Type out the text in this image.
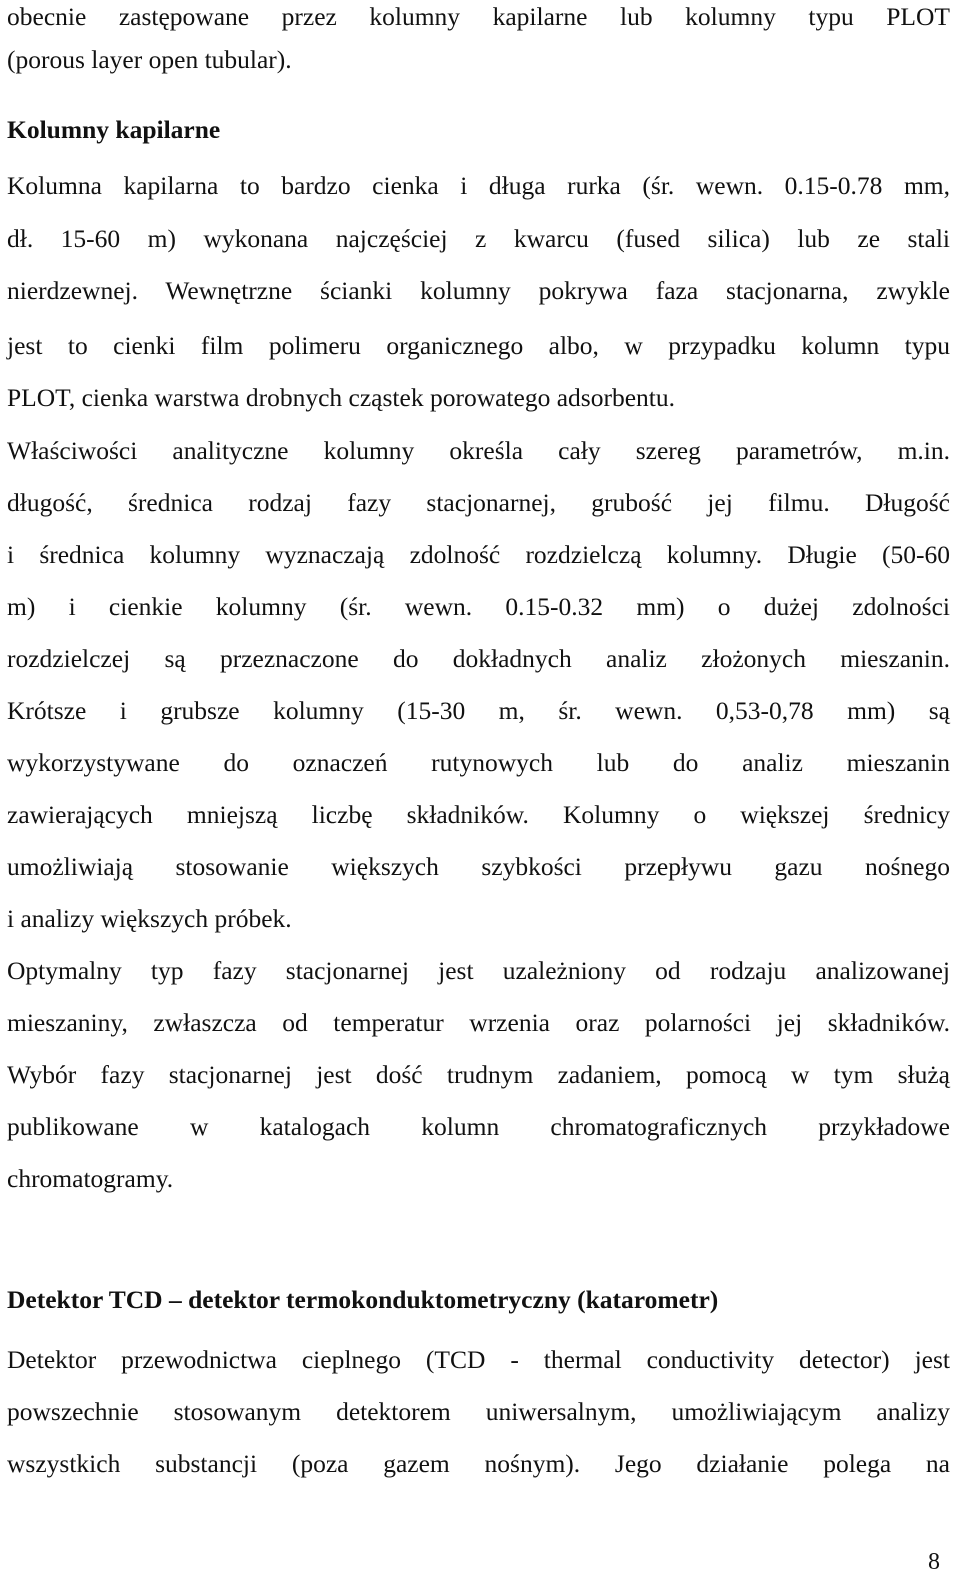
obecnie zastępowane przez kolumny kapilarne lub kolumny typu PLOT
(porous layer open tubular).
Kolumny kapilarne
Kolumna kapilarna to bardzo cienka i długa rurka (śr. wewn. 0.15-0.78 mm,
dł. 15-60 m) wykonana najczęściej z kwarcu (fused silica) lub ze stali
nierdzewnej. Wewnętrzne ścianki kolumny pokrywa faza stacjonarna, zwykle
jest to cienki film polimeru organicznego albo, w przypadku kolumn typu
PLOT, cienka warstwa drobnych cząstek porowatego adsorbentu.
Właściwości analityczne kolumny określa cały szereg parametrów, m.in.
długość, średnica rodzaj fazy stacjonarnej, grubość jej filmu. Długość
i średnica kolumny wyznaczają zdolność rozdzielczą kolumny. Długie (50-60
m) i cienkie kolumny (śr. wewn. 0.15-0.32 mm) o dużej zdolności
rozdzielczej są przeznaczone do dokładnych analiz złożonych mieszanin.
Krótsze i grubsze kolumny (15-30 m, śr. wewn. 0,53-0,78 mm) są
wykorzystywane do oznaczeń rutynowych lub do analiz mieszanin
zawierających mniejszą liczbę składników. Kolumny o większej średnicy
umożliwiają stosowanie większych szybkości przepływu gazu nośnego
i analizy większych próbek.
Optymalny typ fazy stacjonarnej jest uzależniony od rodzaju analizowanej
mieszaniny, zwłaszcza od temperatur wrzenia oraz polarności jej składników.
Wybór fazy stacjonarnej jest dość trudnym zadaniem, pomocą w tym służą
publikowane w katalogach kolumn chromatograficznych przykładowe
chromatogramy.
Detektor TCD – detektor termokonduktometryczny (katarometr)
Detektor przewodnictwa cieplnego (TCD - thermal conductivity detector) jest
powszechnie stosowanym detektorem uniwersalnym, umożliwiającym analizy
wszystkich substancji (poza gazem nośnym). Jego działanie polega na
8
